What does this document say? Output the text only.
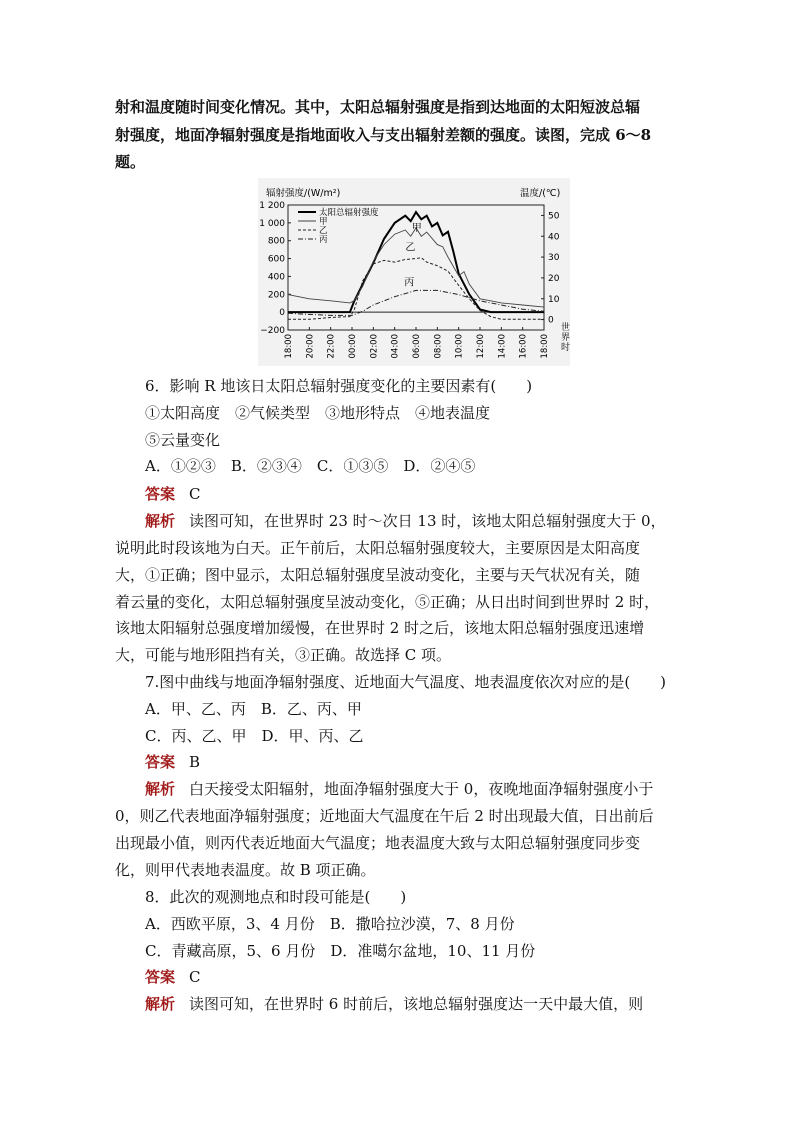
射和温度随时间变化情况。其中，太阳总辐射强度是指到达地面的太阳短波总辐
射强度，地面净辐射强度是指地面收入与支出辐射差额的强度。读图，完成 6～8
题。
辐射强度/(W/m²)	温度/(℃)
世界时
1 200
1 000
800
600
400
200
0
−200
50
40
30
20
10
0
18:00 20:00 22:00 00:00 02:00 04:00 06:00 08:00 10:00 12:00 14:00 16:00 18:00
太阳总辐射强度
甲
乙
丙
甲
乙
丙
6．影响 R 地该日太阳总辐射强度变化的主要因素有(　　)
①太阳高度　②气候类型　③地形特点　④地表温度
⑤云量变化
A．①②③　B．②③④　C．①③⑤　D．②④⑤
答案 C
解析 读图可知，在世界时 23 时～次日 13 时，该地太阳总辐射强度大于 0，
说明此时段该地为白天。正午前后，太阳总辐射强度较大，主要原因是太阳高度
大，①正确；图中显示，太阳总辐射强度呈波动变化，主要与天气状况有关，随
着云量的变化，太阳总辐射强度呈波动变化，⑤正确；从日出时间到世界时 2 时，
该地太阳辐射总强度增加缓慢，在世界时 2 时之后，该地太阳总辐射强度迅速增
大，可能与地形阻挡有关，③正确。故选择 C 项。
7.图中曲线与地面净辐射强度、近地面大气温度、地表温度依次对应的是(　　)
A．甲、乙、丙　B．乙、丙、甲
C．丙、乙、甲　D．甲、丙、乙
答案 B
解析 白天接受太阳辐射，地面净辐射强度大于 0，夜晚地面净辐射强度小于
0，则乙代表地面净辐射强度；近地面大气温度在午后 2 时出现最大值，日出前后
出现最小值，则丙代表近地面大气温度；地表温度大致与太阳总辐射强度同步变
化，则甲代表地表温度。故 B 项正确。
8．此次的观测地点和时段可能是(　　)
A．西欧平原，3、4 月份　B．撒哈拉沙漠，7、8 月份
C．青藏高原，5、6 月份　D．准噶尔盆地，10、11 月份
答案 C
解析 读图可知，在世界时 6 时前后，该地总辐射强度达一天中最大值，则
